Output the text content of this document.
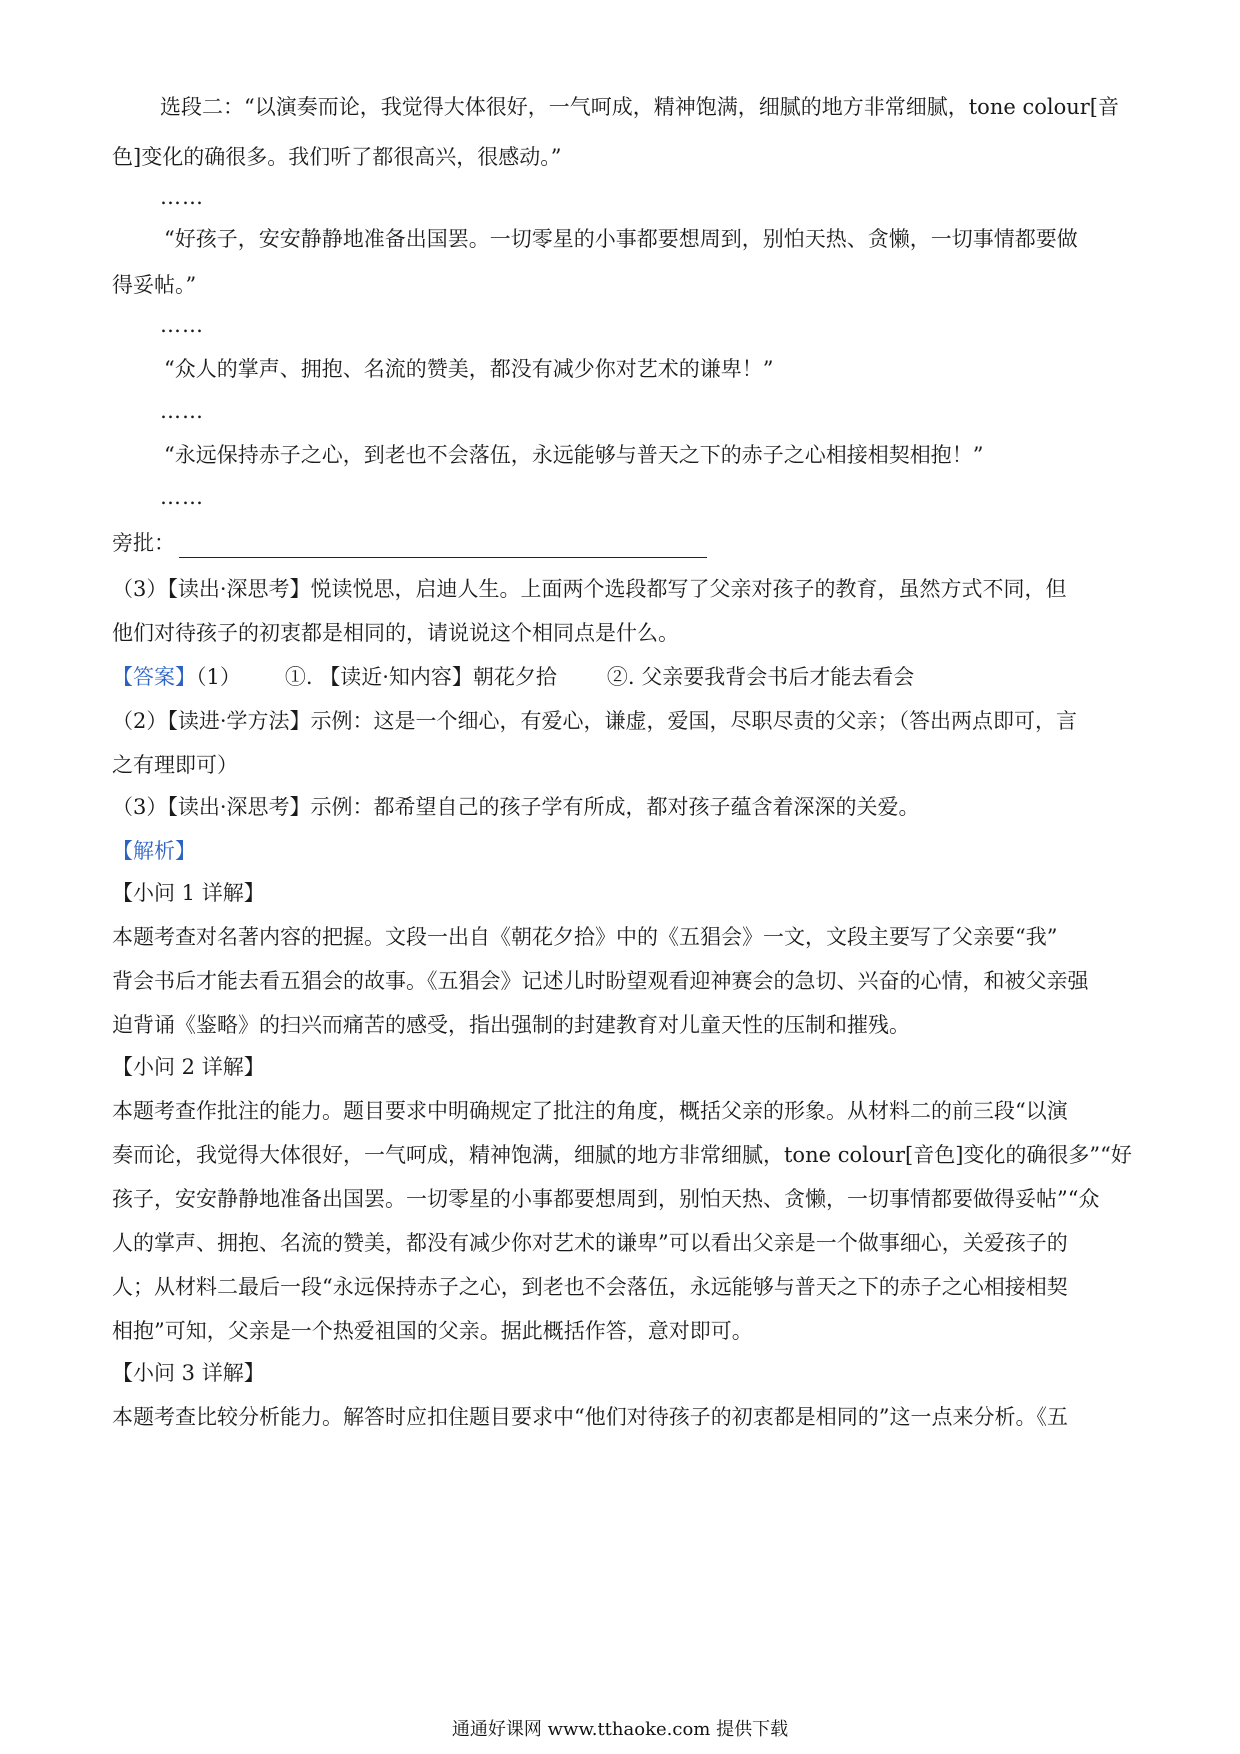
选段二：“以演奏而论，我觉得大体很好，一气呵成，精神饱满，细腻的地方非常细腻，tone colour[音
色]变化的确很多。我们听了都很高兴，很感动。”
……
“好孩子，安安静静地准备出国罢。一切零星的小事都要想周到，别怕天热、贪懒，一切事情都要做
得妥帖。”
……
“众人的掌声、拥抱、名流的赞美，都没有减少你对艺术的谦卑！”
……
“永远保持赤子之心，到老也不会落伍，永远能够与普天之下的赤子之心相接相契相抱！”
……
旁批：
（3）【读出·深思考】悦读悦思，启迪人生。上面两个选段都写了父亲对孩子的教育，虽然方式不同，但
他们对待孩子的初衷都是相同的，请说说这个相同点是什么。
【答案】（1） ①. 【读近·知内容】朝花夕拾 ②. 父亲要我背会书后才能去看会
（2）【读进·学方法】示例：这是一个细心，有爱心，谦虚，爱国，尽职尽责的父亲；（答出两点即可，言
之有理即可）
（3）【读出·深思考】示例：都希望自己的孩子学有所成，都对孩子蕴含着深深的关爱。
【解析】
【小问 1 详解】
本题考查对名著内容的把握。文段一出自《朝花夕拾》中的《五猖会》一文，文段主要写了父亲要“我”
背会书后才能去看五猖会的故事。《五猖会》记述儿时盼望观看迎神赛会的急切、兴奋的心情，和被父亲强
迫背诵《鉴略》的扫兴而痛苦的感受，指出强制的封建教育对儿童天性的压制和摧残。
【小问 2 详解】
本题考查作批注的能力。题目要求中明确规定了批注的角度，概括父亲的形象。从材料二的前三段“以演
奏而论，我觉得大体很好，一气呵成，精神饱满，细腻的地方非常细腻，tone colour[音色]变化的确很多”“好
孩子，安安静静地准备出国罢。一切零星的小事都要想周到，别怕天热、贪懒，一切事情都要做得妥帖”“众
人的掌声、拥抱、名流的赞美，都没有减少你对艺术的谦卑”可以看出父亲是一个做事细心，关爱孩子的
人；从材料二最后一段“永远保持赤子之心，到老也不会落伍，永远能够与普天之下的赤子之心相接相契
相抱”可知，父亲是一个热爱祖国的父亲。据此概括作答，意对即可。
【小问 3 详解】
本题考查比较分析能力。解答时应扣住题目要求中“他们对待孩子的初衷都是相同的”这一点来分析。《五
通通好课网 www.tthaoke.com 提供下载
